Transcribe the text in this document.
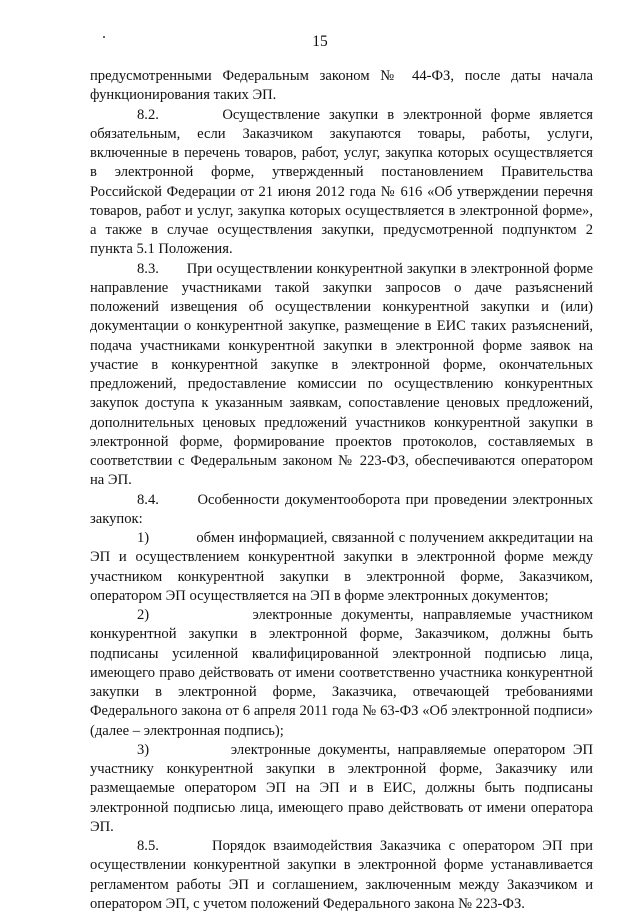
15

предусмотренными Федеральным законом № 44-ФЗ, после даты начала функционирования таких ЭП.

8.2.       Осуществление закупки в электронной форме является обязательным, если Заказчиком закупаются товары, работы, услуги, включенные в перечень товаров, работ, услуг, закупка которых осуществляется в электронной форме, утвержденный постановлением Правительства Российской Федерации от 21 июня 2012 года № 616 «Об утверждении перечня товаров, работ и услуг, закупка которых осуществляется в электронной форме», а также в случае осуществления закупки, предусмотренной подпунктом 2 пункта 5.1 Положения.

8.3.       При осуществлении конкурентной закупки в электронной форме направление участниками такой закупки запросов о даче разъяснений положений извещения об осуществлении конкурентной закупки и (или) документации о конкурентной закупке, размещение в ЕИС таких разъяснений, подача участниками конкурентной закупки в электронной форме заявок на участие в конкурентной закупке в электронной форме, окончательных предложений, предоставление комиссии по осуществлению конкурентных закупок доступа к указанным заявкам, сопоставление ценовых предложений, дополнительных ценовых предложений участников конкурентной закупки в электронной форме, формирование проектов протоколов, составляемых в соответствии с Федеральным законом № 223-ФЗ, обеспечиваются оператором на ЭП.

8.4.       Особенности документооборота при проведении электронных закупок:

1)           обмен информацией, связанной с получением аккредитации на ЭП и осуществлением конкурентной закупки в электронной форме между участником конкурентной закупки в электронной форме, Заказчиком, оператором ЭП осуществляется на ЭП в форме электронных документов;

2)           электронные документы, направляемые участником конкурентной закупки в электронной форме, Заказчиком, должны быть подписаны усиленной квалифицированной электронной подписью лица, имеющего право действовать от имени соответственно участника конкурентной закупки в электронной форме, Заказчика, отвечающей требованиями Федерального закона от 6 апреля 2011 года № 63-ФЗ «Об электронной подписи» (далее – электронная подпись);

3)           электронные документы, направляемые оператором ЭП участнику конкурентной закупки в электронной форме, Заказчику или размещаемые оператором ЭП на ЭП и в ЕИС, должны быть подписаны электронной подписью лица, имеющего право действовать от имени оператора ЭП.

8.5.       Порядок взаимодействия Заказчика с оператором ЭП при осуществлении конкурентной закупки в электронной форме устанавливается регламентом работы ЭП и соглашением, заключенным между Заказчиком и оператором ЭП, с учетом положений Федерального закона № 223-ФЗ.
